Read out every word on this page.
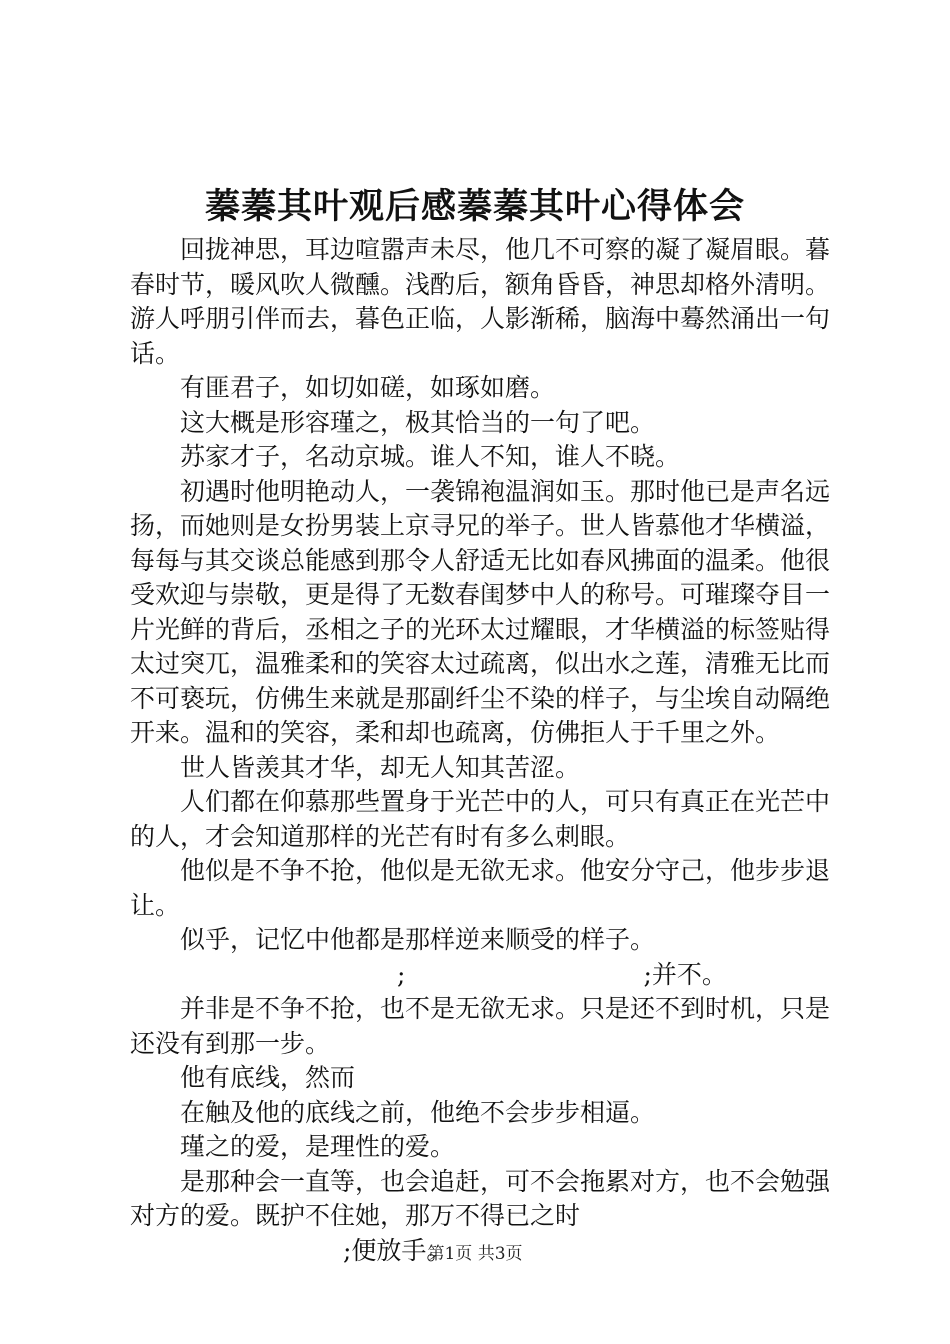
蓁蓁其叶观后感蓁蓁其叶心得体会

回拢神思，耳边喧嚣声未尽，他几不可察的凝了凝眉眼。暮春时节，暖风吹人微醺。浅酌后，额角昏昏，神思却格外清明。游人呼朋引伴而去，暮色正临，人影渐稀，脑海中蓦然涌出一句话。

有匪君子，如切如磋，如琢如磨。

这大概是形容瑾之，极其恰当的一句了吧。

苏家才子，名动京城。谁人不知，谁人不晓。

初遇时他明艳动人，一袭锦袍温润如玉。那时他已是声名远扬，而她则是女扮男装上京寻兄的举子。世人皆慕他才华横溢，每每与其交谈总能感到那令人舒适无比如春风拂面的温柔。他很受欢迎与崇敬，更是得了无数春闺梦中人的称号。可璀璨夺目一片光鲜的背后，丞相之子的光环太过耀眼，才华横溢的标签贴得太过突兀，温雅柔和的笑容太过疏离，似出水之莲，清雅无比而不可亵玩，仿佛生来就是那副纤尘不染的样子，与尘埃自动隔绝开来。温和的笑容，柔和却也疏离，仿佛拒人于千里之外。

世人皆羡其才华，却无人知其苦涩。

人们都在仰慕那些置身于光芒中的人，可只有真正在光芒中的人，才会知道那样的光芒有时有多么刺眼。

他似是不争不抢，他似是无欲无求。他安分守己，他步步退让。

似乎，记忆中他都是那样逆来顺受的样子。

;	;并不。

并非是不争不抢，也不是无欲无求。只是还不到时机，只是还没有到那一步。

他有底线，然而

在触及他的底线之前，他绝不会步步相逼。

瑾之的爱，是理性的爱。

是那种会一直等，也会追赶，可不会拖累对方，也不会勉强对方的爱。既护不住她，那万不得已之时

;便放手。

第1页 共3页
